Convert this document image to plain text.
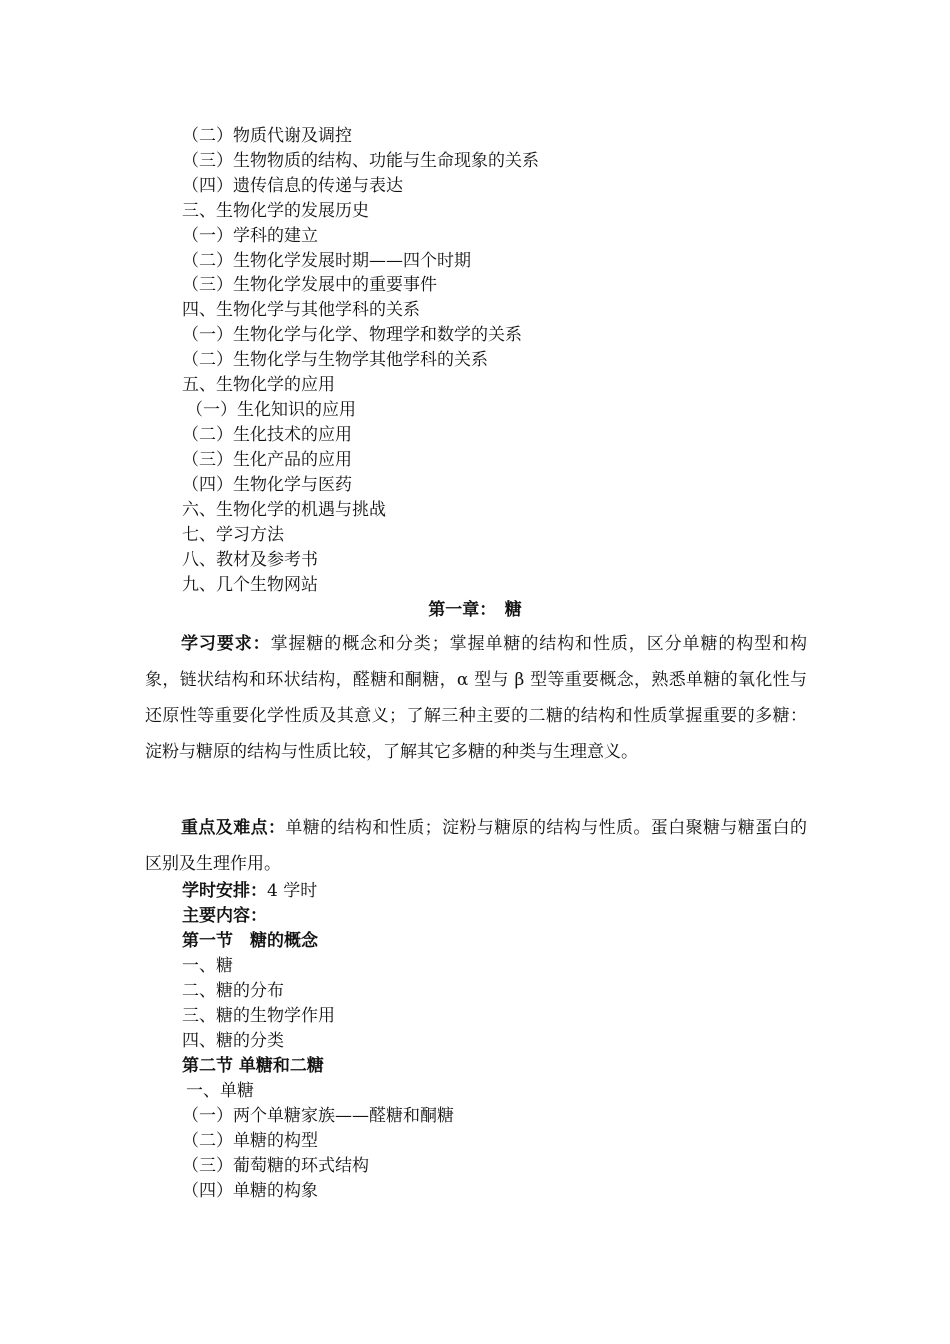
（二）物质代谢及调控
（三）生物物质的结构、功能与生命现象的关系
（四）遗传信息的传递与表达
三、生物化学的发展历史
（一）学科的建立
（二）生物化学发展时期——四个时期
（三）生物化学发展中的重要事件
四、生物化学与其他学科的关系
（一）生物化学与化学、物理学和数学的关系
（二）生物化学与生物学其他学科的关系
五、生物化学的应用
（一）生化知识的应用
（二）生化技术的应用
（三）生化产品的应用
（四）生物化学与医药
六、生物化学的机遇与挑战
七、学习方法
八、教材及参考书
九、几个生物网站
第一章：　糖
学习要求：掌握糖的概念和分类；掌握单糖的结构和性质，区分单糖的构型和构象，链状结构和环状结构，醛糖和酮糖，α 型与 β 型等重要概念，熟悉单糖的氧化性与还原性等重要化学性质及其意义；了解三种主要的二糖的结构和性质掌握重要的多糖：淀粉与糖原的结构与性质比较，了解其它多糖的种类与生理意义。
重点及难点：单糖的结构和性质；淀粉与糖原的结构与性质。蛋白聚糖与糖蛋白的区别及生理作用。
学时安排：4 学时
主要内容：
第一节　糖的概念
一、糖
二、糖的分布
三、糖的生物学作用
四、糖的分类
第二节 单糖和二糖
一、单糖
（一）两个单糖家族——醛糖和酮糖
（二）单糖的构型
（三）葡萄糖的环式结构
（四）单糖的构象
